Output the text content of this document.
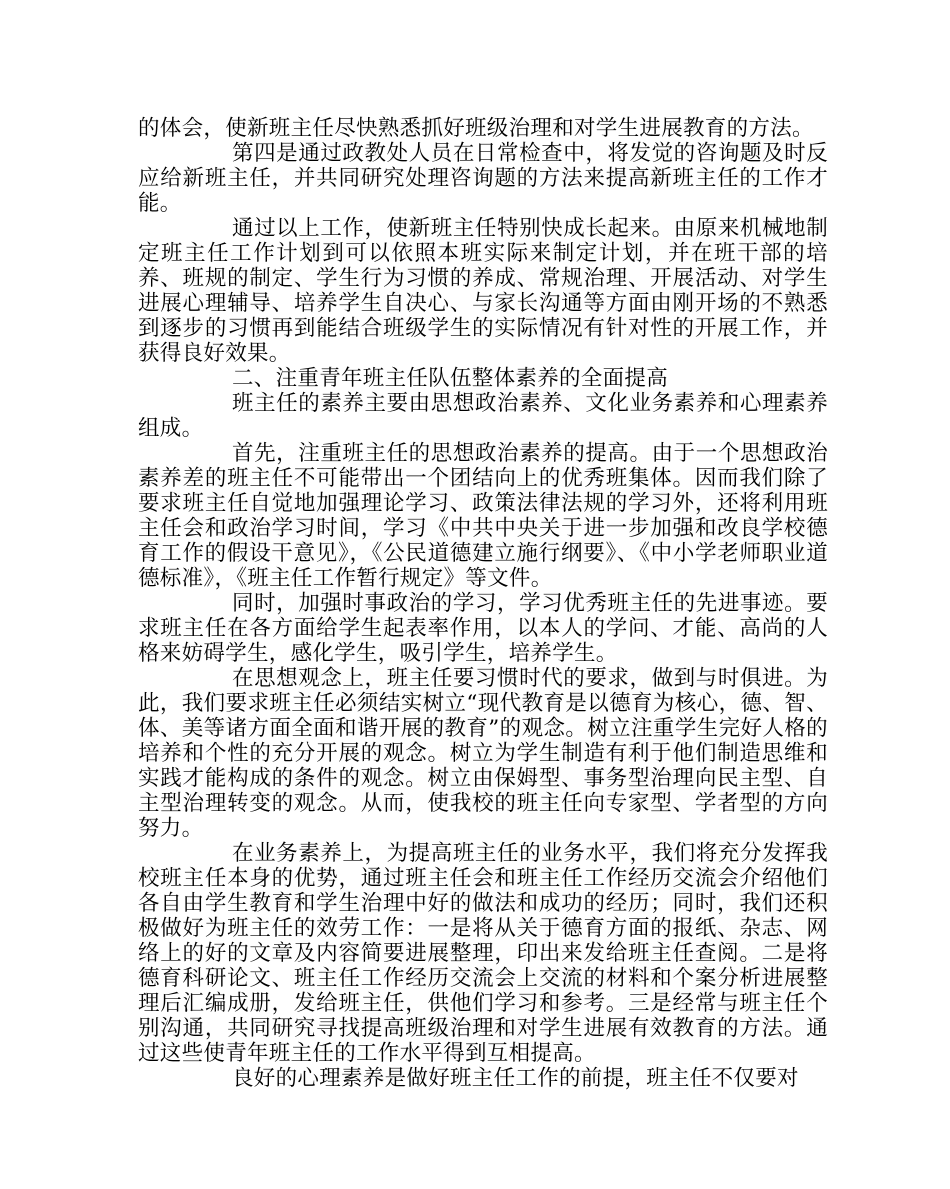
的体会，使新班主任尽快熟悉抓好班级治理和对学生进展教育的方法。

第四是通过政教处人员在日常检查中，将发觉的咨询题及时反应给新班主任，并共同研究处理咨询题的方法来提高新班主任的工作才能。

通过以上工作，使新班主任特别快成长起来。由原来机械地制定班主任工作计划到可以依照本班实际来制定计划，并在班干部的培养、班规的制定、学生行为习惯的养成、常规治理、开展活动、对学生进展心理辅导、培养学生自决心、与家长沟通等方面由刚开场的不熟悉到逐步的习惯再到能结合班级学生的实际情况有针对性的开展工作，并获得良好效果。

二、注重青年班主任队伍整体素养的全面提高

班主任的素养主要由思想政治素养、文化业务素养和心理素养组成。

首先，注重班主任的思想政治素养的提高。由于一个思想政治素养差的班主任不可能带出一个团结向上的优秀班集体。因而我们除了要求班主任自觉地加强理论学习、政策法律法规的学习外，还将利用班主任会和政治学习时间，学习《中共中央关于进一步加强和改良学校德育工作的假设干意见》，《公民道德建立施行纲要》、《中小学老师职业道德标准》，《班主任工作暂行规定》等文件。

同时，加强时事政治的学习，学习优秀班主任的先进事迹。要求班主任在各方面给学生起表率作用，以本人的学问、才能、高尚的人格来妨碍学生，感化学生，吸引学生，培养学生。

在思想观念上，班主任要习惯时代的要求，做到与时俱进。为此，我们要求班主任必须结实树立“现代教育是以德育为核心，德、智、体、美等诸方面全面和谐开展的教育”的观念。树立注重学生完好人格的培养和个性的充分开展的观念。树立为学生制造有利于他们制造思维和实践才能构成的条件的观念。树立由保姆型、事务型治理向民主型、自主型治理转变的观念。从而，使我校的班主任向专家型、学者型的方向努力。

在业务素养上，为提高班主任的业务水平，我们将充分发挥我校班主任本身的优势，通过班主任会和班主任工作经历交流会介绍他们各自由学生教育和学生治理中好的做法和成功的经历；同时，我们还积极做好为班主任的效劳工作：一是将从关于德育方面的报纸、杂志、网络上的好的文章及内容简要进展整理，印出来发给班主任查阅。二是将德育科研论文、班主任工作经历交流会上交流的材料和个案分析进展整理后汇编成册，发给班主任，供他们学习和参考。三是经常与班主任个别沟通，共同研究寻找提高班级治理和对学生进展有效教育的方法。通过这些使青年班主任的工作水平得到互相提高。

良好的心理素养是做好班主任工作的前提，班主任不仅要对
